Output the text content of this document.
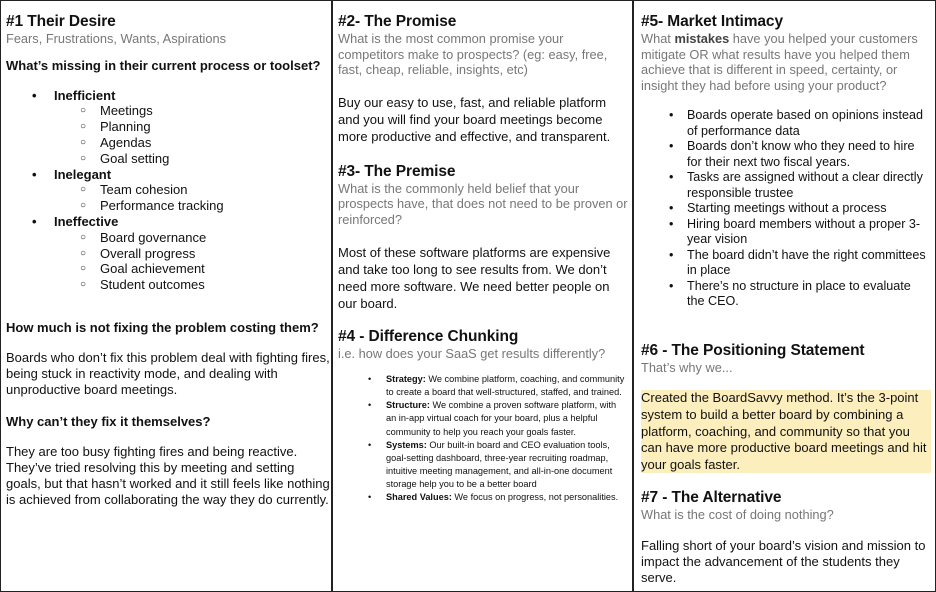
#1 Their Desire

Fears, Frustrations, Wants, Aspirations

What’s missing in their current process or toolset?

• Inefficient
○ Meetings
○ Planning
○ Agendas
○ Goal setting
• Inelegant
○ Team cohesion
○ Performance tracking
• Ineffective
○ Board governance
○ Overall progress
○ Goal achievement
○ Student outcomes

How much is not fixing the problem costing them?

Boards who don’t fix this problem deal with fighting fires, being stuck in reactivity mode, and dealing with unproductive board meetings.

Why can’t they fix it themselves?

They are too busy fighting fires and being reactive. They’ve tried resolving this by meeting and setting goals, but that hasn’t worked and it still feels like nothing is achieved from collaborating the way they do currently.

#2- The Promise

What is the most common promise your competitors make to prospects? (eg: easy, free, fast, cheap, reliable, insights, etc)

Buy our easy to use, fast, and reliable platform and you will find your board meetings become more productive and effective, and transparent.

#3- The Premise

What is the commonly held belief that your prospects have, that does not need to be proven or reinforced?

Most of these software platforms are expensive and take too long to see results from. We don’t need more software. We need better people on our board.

#4 - Difference Chunking

i.e. how does your SaaS get results differently?

• Strategy: We combine platform, coaching, and community to create a board that well-structured, staffed, and trained.
• Structure: We combine a proven software platform, with an in-app virtual coach for your board, plus a helpful community to help you reach your goals faster.
• Systems: Our built-in board and CEO evaluation tools, goal-setting dashboard, three-year recruiting roadmap, intuitive meeting management, and all-in-one document storage help you to be a better board
• Shared Values: We focus on progress, not personalities.
#5- Market Intimacy

What mistakes have you helped your customers mitigate OR what results have you helped them achieve that is different in speed, certainty, or insight they had before using your product?

• Boards operate based on opinions instead of performance data
• Boards don’t know who they need to hire for their next two fiscal years.
• Tasks are assigned without a clear directly responsible trustee
• Starting meetings without a process
• Hiring board members without a proper 3-year vision
• The board didn’t have the right committees in place
• There’s no structure in place to evaluate the CEO.
#6 - The Positioning Statement

That’s why we...

Created the BoardSavvy method. It’s the 3-point system to build a better board by combining a platform, coaching, and community so that you can have more productive board meetings and hit your goals faster.

#7 - The Alternative

What is the cost of doing nothing?

Falling short of your board’s vision and mission to impact the advancement of the students they serve.
